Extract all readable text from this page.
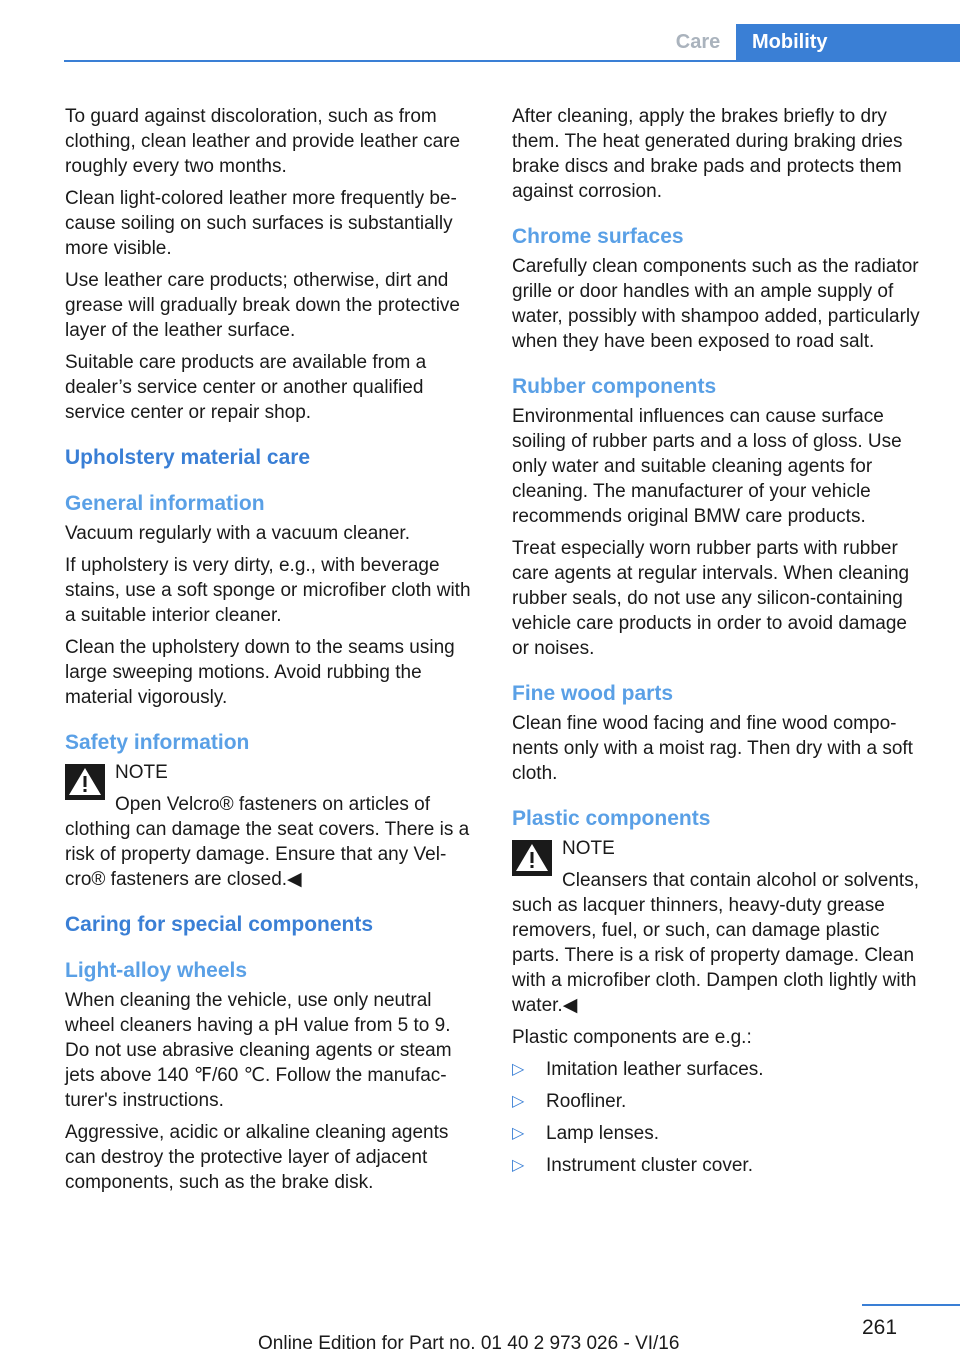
Care	Mobility

To guard against discoloration, such as from clothing, clean leather and provide leather care roughly every two months.

Clean light-colored leather more frequently because soiling on such surfaces is substantially more visible.

Use leather care products; otherwise, dirt and grease will gradually break down the protective layer of the leather surface.

Suitable care products are available from a dealer’s service center or another qualified service center or repair shop.

Upholstery material care
General information

Vacuum regularly with a vacuum cleaner.

If upholstery is very dirty, e.g., with beverage stains, use a soft sponge or microfiber cloth with a suitable interior cleaner.

Clean the upholstery down to the seams using large sweeping motions. Avoid rubbing the material vigorously.

Safety information

NOTE

Open Velcro® fasteners on articles of clothing can damage the seat covers. There is a risk of property damage. Ensure that any Velcro® fasteners are closed.◀

Caring for special components
Light-alloy wheels

When cleaning the vehicle, use only neutral wheel cleaners having a pH value from 5 to 9. Do not use abrasive cleaning agents or steam jets above 140 ℉/60 ℃. Follow the manufacturer's instructions.

Aggressive, acidic or alkaline cleaning agents can destroy the protective layer of adjacent components, such as the brake disk.

After cleaning, apply the brakes briefly to dry them. The heat generated during braking dries brake discs and brake pads and protects them against corrosion.

Chrome surfaces

Carefully clean components such as the radiator grille or door handles with an ample supply of water, possibly with shampoo added, particularly when they have been exposed to road salt.

Rubber components

Environmental influences can cause surface soiling of rubber parts and a loss of gloss. Use only water and suitable cleaning agents for cleaning. The manufacturer of your vehicle recommends original BMW care products.

Treat especially worn rubber parts with rubber care agents at regular intervals. When cleaning rubber seals, do not use any silicon-containing vehicle care products in order to avoid damage or noises.

Fine wood parts

Clean fine wood facing and fine wood components only with a moist rag. Then dry with a soft cloth.

Plastic components

NOTE

Cleansers that contain alcohol or solvents, such as lacquer thinners, heavy-duty grease removers, fuel, or such, can damage plastic parts. There is a risk of property damage. Clean with a microfiber cloth. Dampen cloth lightly with water.◀

Plastic components are e.g.:

▷ Imitation leather surfaces.
▷ Roofliner.
▷ Lamp lenses.
▷ Instrument cluster cover.
261
Online Edition for Part no. 01 40 2 973 026 - VI/16
